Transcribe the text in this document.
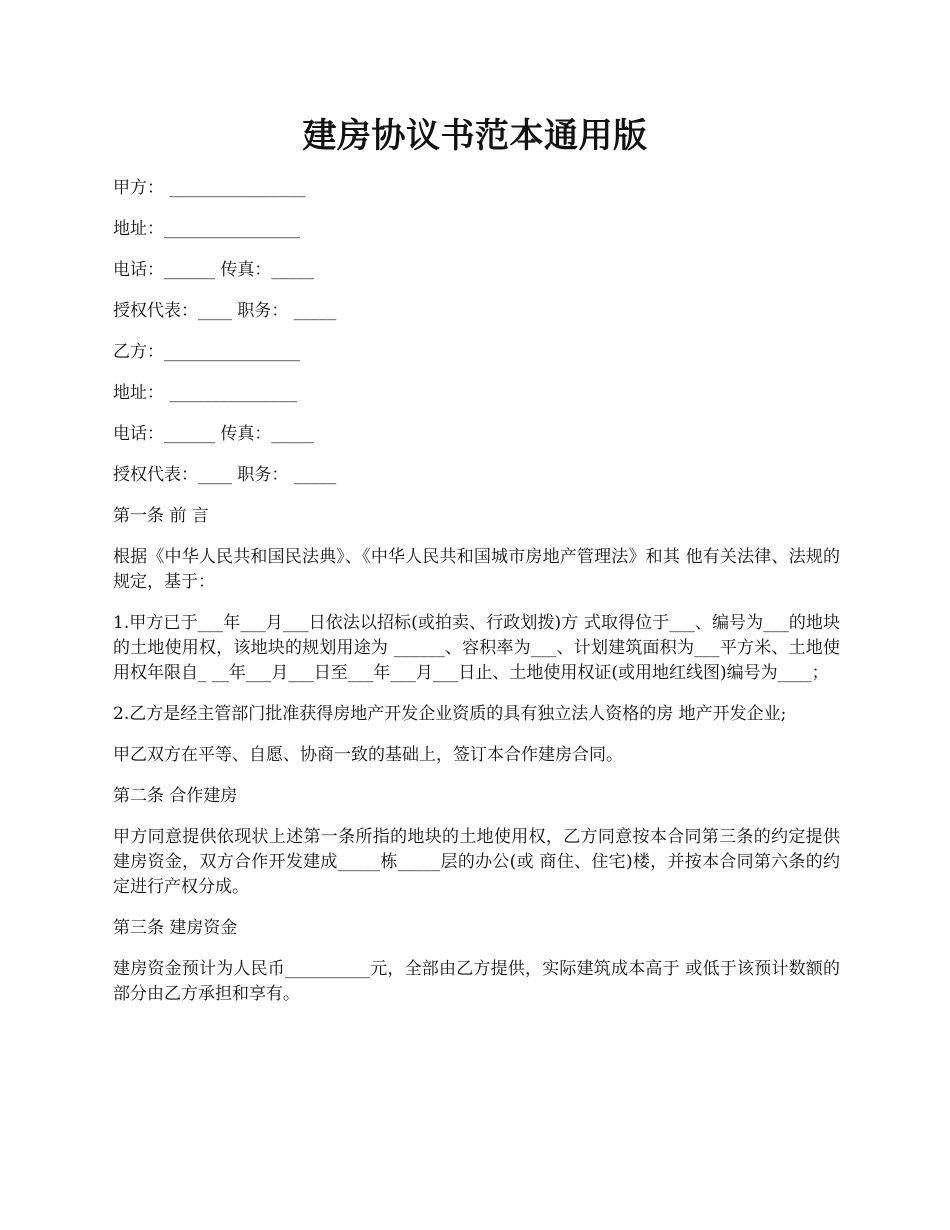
建房协议书范本通用版

甲方： ________________

地址：________________

电话：______ 传真：_____

授权代表：____ 职务： _____

乙方：________________

地址： _______________

电话：______ 传真：_____

授权代表：____ 职务： _____

第一条 前 言

根据《中华人民共和国民法典》、《中华人民共和国城市房地产管理法》和其 他有关法律、法规的规定，基于：

1.甲方已于___年___月___日依法以招标(或拍卖、行政划拨)方 式取得位于___、编号为___的地块的土地使用权，该地块的规划用途为 ______、容积率为___、计划建筑面积为___平方米、土地使用权年限自_ __年___月___日至___年___月___日止、土地使用权证(或用地红线图)编号为____；

2.乙方是经主管部门批准获得房地产开发企业资质的具有独立法人资格的房 地产开发企业;

甲乙双方在平等、自愿、协商一致的基础上，签订本合作建房合同。

第二条 合作建房

甲方同意提供依现状上述第一条所指的地块的土地使用权，乙方同意按本合同第三条的约定提供建房资金，双方合作开发建成_____栋_____层的办公(或 商住、住宅)楼，并按本合同第六条的约定进行产权分成。

第三条 建房资金

建房资金预计为人民币__________元，全部由乙方提供，实际建筑成本高于 或低于该预计数额的部分由乙方承担和享有。
